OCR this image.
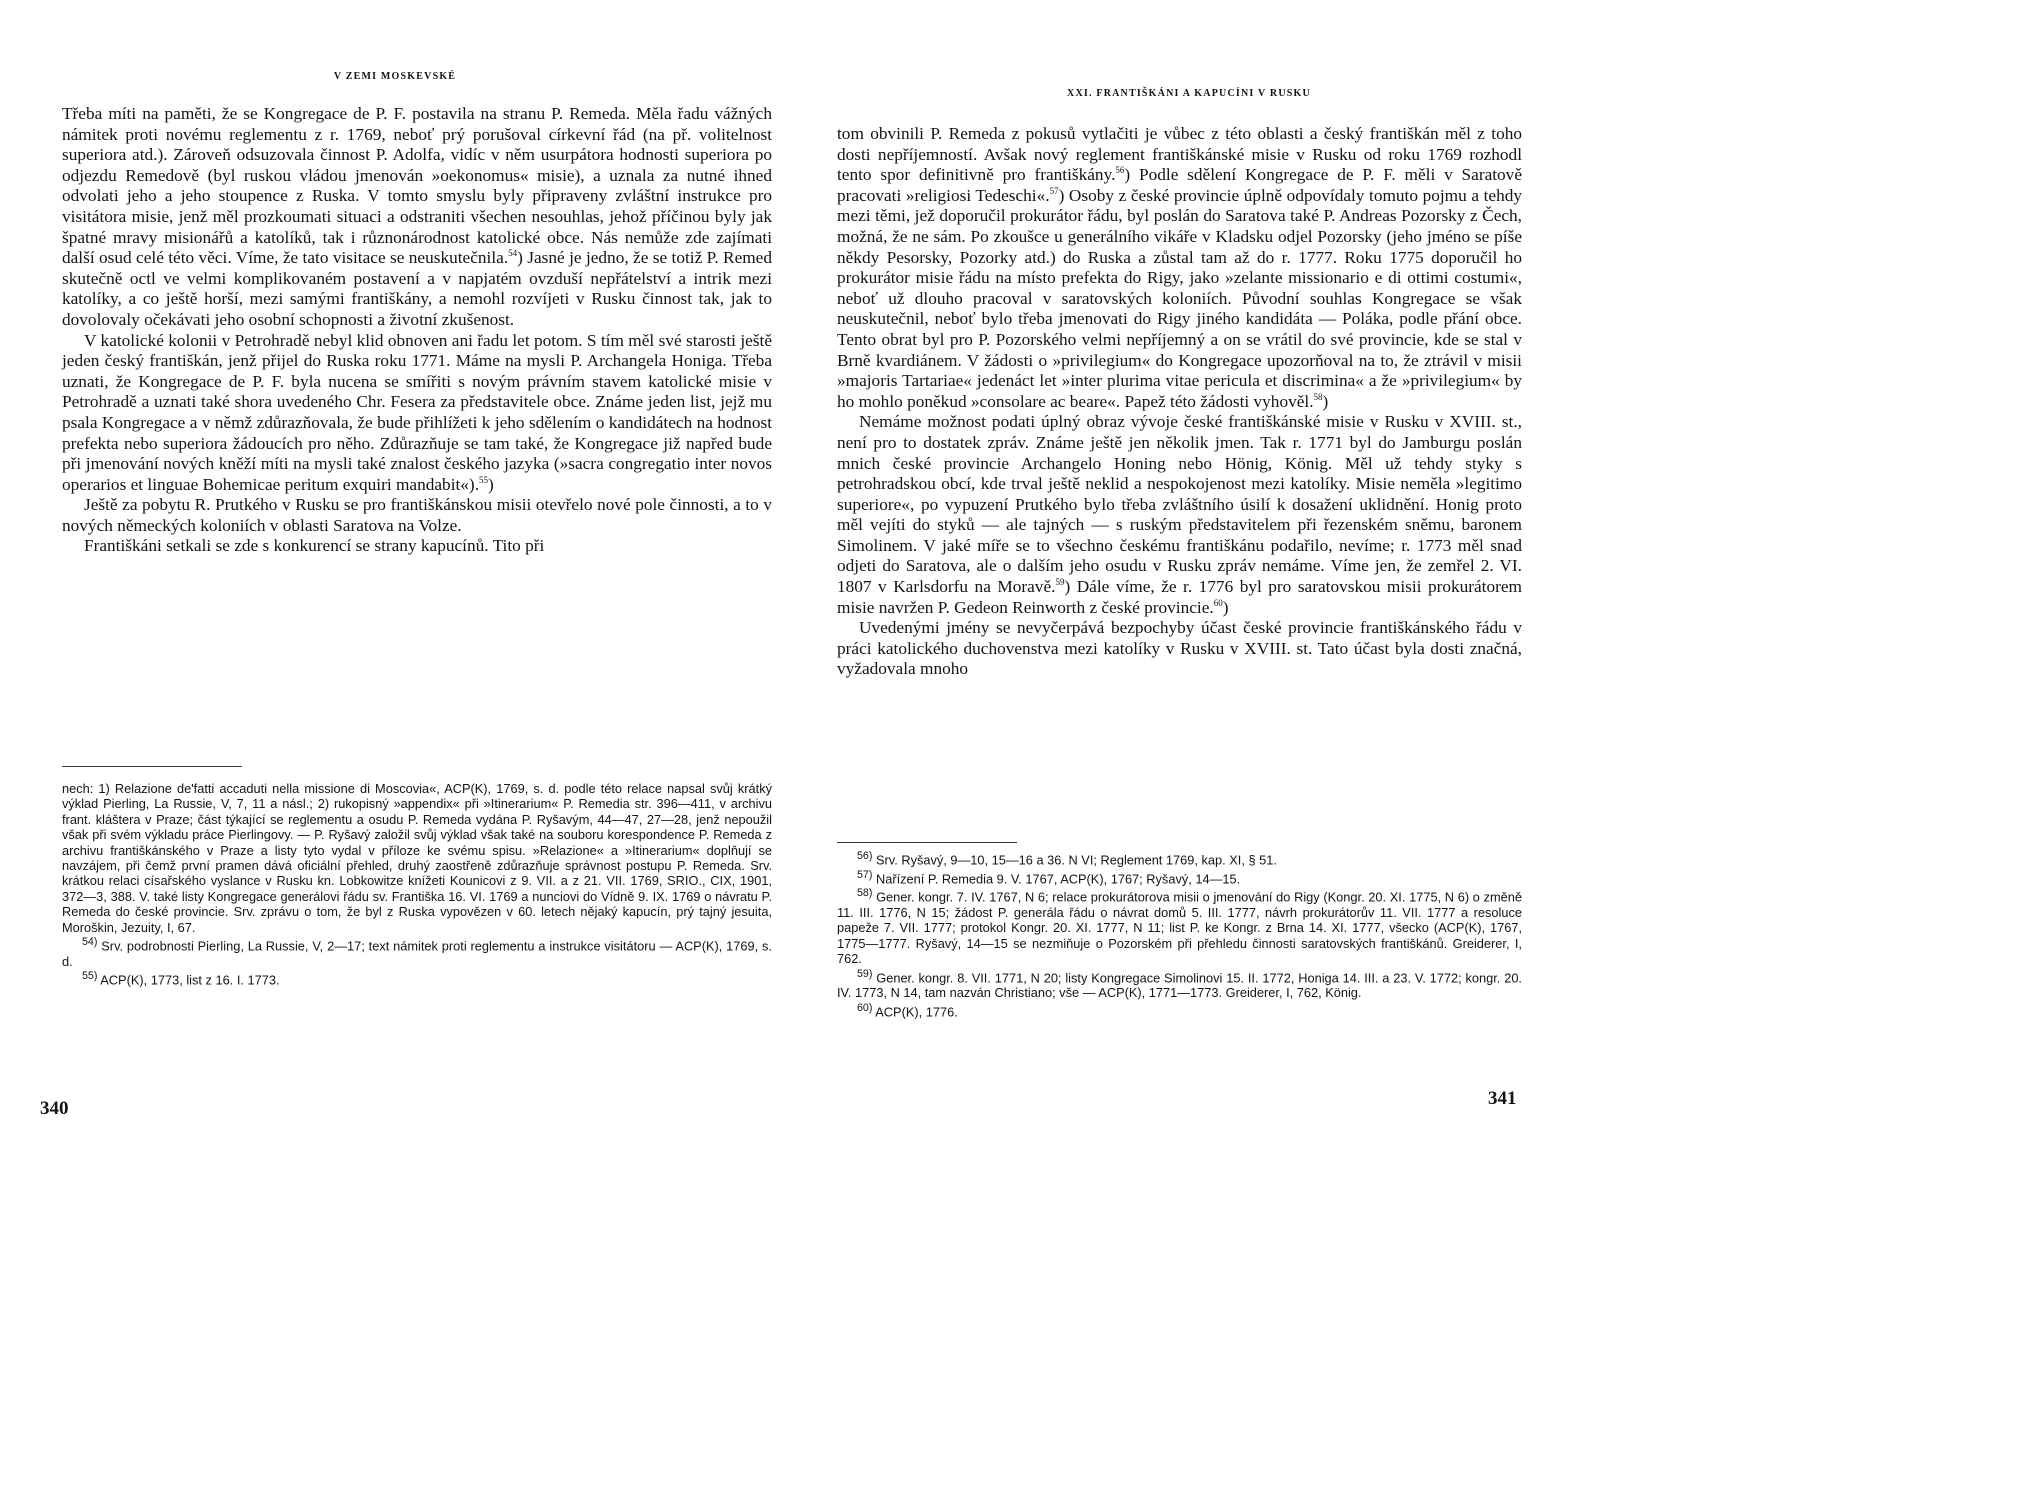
V ZEMI MOSKEVSKÉ

Třeba míti na paměti, že se Kongregace de P. F. postavila na stranu P. Remeda. Měla řadu vážných námitek proti novému reglementu z r. 1769, neboť prý porušoval církevní řád (na př. volitelnost superiora atd.). Zároveň odsuzovala činnost P. Adolfa, vidíc v něm usurpátora hodnosti superiora po odjezdu Remedově (byl ruskou vládou jmenován »oekonomus« misie), a uznala za nutné ihned odvolati jeho a jeho stoupence z Ruska. V tomto smyslu byly připraveny zvláštní instrukce pro visitátora misie, jenž měl prozkoumati situaci a odstraniti všechen nesouhlas, jehož příčinou byly jak špatné mravy misionářů a katolíků, tak i různonárodnost katolické obce. Nás nemůže zde zajímati další osud celé této věci. Víme, že tato visitace se neuskutečnila.$^{54}$) Jasné je jedno, že se totiž P. Remed skutečně octl ve velmi komplikovaném postavení a v napjatém ovzduší nepřátelství a intrik mezi katolíky, a co ještě horší, mezi samými františkány, a nemohl rozvíjeti v Rusku činnost tak, jak to dovolovaly očekávati jeho osobní schopnosti a životní zkušenost.

V katolické kolonii v Petrohradě nebyl klid obnoven ani řadu let potom. S tím měl své starosti ještě jeden český františkán, jenž přijel do Ruska roku 1771. Máme na mysli P. Archangela Honiga. Třeba uznati, že Kongregace de P. F. byla nucena se smířiti s novým právním stavem katolické misie v Petrohradě a uznati také shora uvedeného Chr. Fesera za představitele obce. Známe jeden list, jejž mu psala Kongregace a v němž zdůrazňovala, že bude přihlížeti k jeho sdělením o kandidátech na hodnost prefekta nebo superiora žádoucích pro něho. Zdůrazňuje se tam také, že Kongregace již napřed bude při jmenování nových kněží míti na mysli také znalost českého jazyka (»sacra congregatio inter novos operarios et linguae Bohemicae peritum exquiri mandabit«).$^{55}$)

Ještě za pobytu R. Prutkého v Rusku se pro františkánskou misii otevřelo nové pole činnosti, a to v nových německých koloniích v oblasti Saratova na Volze.

Františkáni setkali se zde s konkurencí se strany kapucínů. Tito při

nech: 1) Relazione de'fatti accaduti nella missione di Moscovia«, ACP(K), 1769, s. d. podle této relace napsal svůj krátký výklad Pierling, La Russie, V, 7, 11 a násl.; 2) rukopisný »appendix« při »Itinerarium« P. Remedia str. 396—411, v archivu frant. kláštera v Praze; část týkající se reglementu a osudu P. Remeda vydána P. Ryšavým, 44—47, 27—28, jenž nepoužil však při svém výkladu práce Pierlingovy. — P. Ryšavý založil svůj výklad však také na souboru korespondence P. Remeda z archivu františkánského v Praze a listy tyto vydal v příloze ke svému spisu. »Relazione« a »Itinerarium« doplňují se navzájem, při čemž první pramen dává oficiální přehled, druhý zaostřeně zdůrazňuje správnost postupu P. Remeda. Srv. krátkou relaci císařského vyslance v Rusku kn. Lobkowitze knížeti Kounicovi z 9. VII. a z 21. VII. 1769, SRIO., CIX, 1901, 372—3, 388. V. také listy Kongregace generálovi řádu sv. Františka 16. VI. 1769 a nunciovi do Vídně 9. IX. 1769 o návratu P. Remeda do české provincie. Srv. zprávu o tom, že byl z Ruska vypovězen v 60. letech nějaký kapucín, prý tajný jesuita, Moroškin, Jezuity, I, 67.

$^{54)}$ Srv. podrobnosti Pierling, La Russie, V, 2—17; text námitek proti reglementu a instrukce visitátoru — ACP(K), 1769, s. d.

$^{55)}$ ACP(K), 1773, list z 16. I. 1773.

340
XXI. FRANTIŠKÁNI A KAPUCÍNI V RUSKU

tom obvinili P. Remeda z pokusů vytlačiti je vůbec z této oblasti a český františkán měl z toho dosti nepříjemností. Avšak nový reglement františkánské misie v Rusku od roku 1769 rozhodl tento spor definitivně pro františkány.$^{56}$) Podle sdělení Kongregace de P. F. měli v Saratově pracovati »religiosi Tedeschi«.$^{57}$) Osoby z české provincie úplně odpovídaly tomuto pojmu a tehdy mezi těmi, jež doporučil prokurátor řádu, byl poslán do Saratova také P. Andreas Pozorsky z Čech, možná, že ne sám. Po zkoušce u generálního vikáře v Kladsku odjel Pozorsky (jeho jméno se píše někdy Pesorsky, Pozorky atd.) do Ruska a zůstal tam až do r. 1777. Roku 1775 doporučil ho prokurátor misie řádu na místo prefekta do Rigy, jako »zelante missionario e di ottimi costumi«, neboť už dlouho pracoval v saratovských koloniích. Původní souhlas Kongregace se však neuskutečnil, neboť bylo třeba jmenovati do Rigy jiného kandidáta — Poláka, podle přání obce. Tento obrat byl pro P. Pozorského velmi nepříjemný a on se vrátil do své provincie, kde se stal v Brně kvardiánem. V žádosti o »privilegium« do Kongregace upozorňoval na to, že ztrávil v misii »majoris Tartariae« jedenáct let »inter plurima vitae pericula et discrimina« a že »privilegium« by ho mohlo poněkud »consolare ac beare«. Papež této žádosti vyhověl.$^{58}$)

Nemáme možnost podati úplný obraz vývoje české františkánské misie v Rusku v XVIII. st., není pro to dostatek zpráv. Známe ještě jen několik jmen. Tak r. 1771 byl do Jamburgu poslán mnich české provincie Archangelo Honing nebo Hönig, König. Měl už tehdy styky s petrohradskou obcí, kde trval ještě neklid a nespokojenost mezi katolíky. Misie neměla »legitimo superiore«, po vypuzení Prutkého bylo třeba zvláštního úsilí k dosažení uklidnění. Honig proto měl vejíti do styků — ale tajných — s ruským představitelem při řezenském sněmu, baronem Simolinem. V jaké míře se to všechno českému františkánu podařilo, nevíme; r. 1773 měl snad odjeti do Saratova, ale o dalším jeho osudu v Rusku zpráv nemáme. Víme jen, že zemřel 2. VI. 1807 v Karlsdorfu na Moravě.$^{59}$) Dále víme, že r. 1776 byl pro saratovskou misii prokurátorem misie navržen P. Gedeon Reinworth z české provincie.$^{60}$)

Uvedenými jmény se nevyčerpává bezpochyby účast české provincie františkánského řádu v práci katolického duchovenstva mezi katolíky v Rusku v XVIII. st. Tato účast byla dosti značná, vyžadovala mnoho

$^{56)}$ Srv. Ryšavý, 9—10, 15—16 a 36. N VI; Reglement 1769, kap. XI, § 51.

$^{57)}$ Nařízení P. Remedia 9. V. 1767, ACP(K), 1767; Ryšavý, 14—15.

$^{58)}$ Gener. kongr. 7. IV. 1767, N 6; relace prokurátorova misii o jmenování do Rigy (Kongr. 20. XI. 1775, N 6) o změně 11. III. 1776, N 15; žádost P. generála řádu o návrat domů 5. III. 1777, návrh prokurátorův 11. VII. 1777 a resoluce papeže 7. VII. 1777; protokol Kongr. 20. XI. 1777, N 11; list P. ke Kongr. z Brna 14. XI. 1777, všecko (ACP(K), 1767, 1775—1777. Ryšavý, 14—15 se nezmiňuje o Pozorském při přehledu činnosti saratovských františkánů. Greiderer, I, 762.

$^{59)}$ Gener. kongr. 8. VII. 1771, N 20; listy Kongregace Simolinovi 15. II. 1772, Honiga 14. III. a 23. V. 1772; kongr. 20. IV. 1773, N 14, tam nazván Christiano; vše — ACP(K), 1771—1773. Greiderer, I, 762, König.

$^{60)}$ ACP(K), 1776.

341
